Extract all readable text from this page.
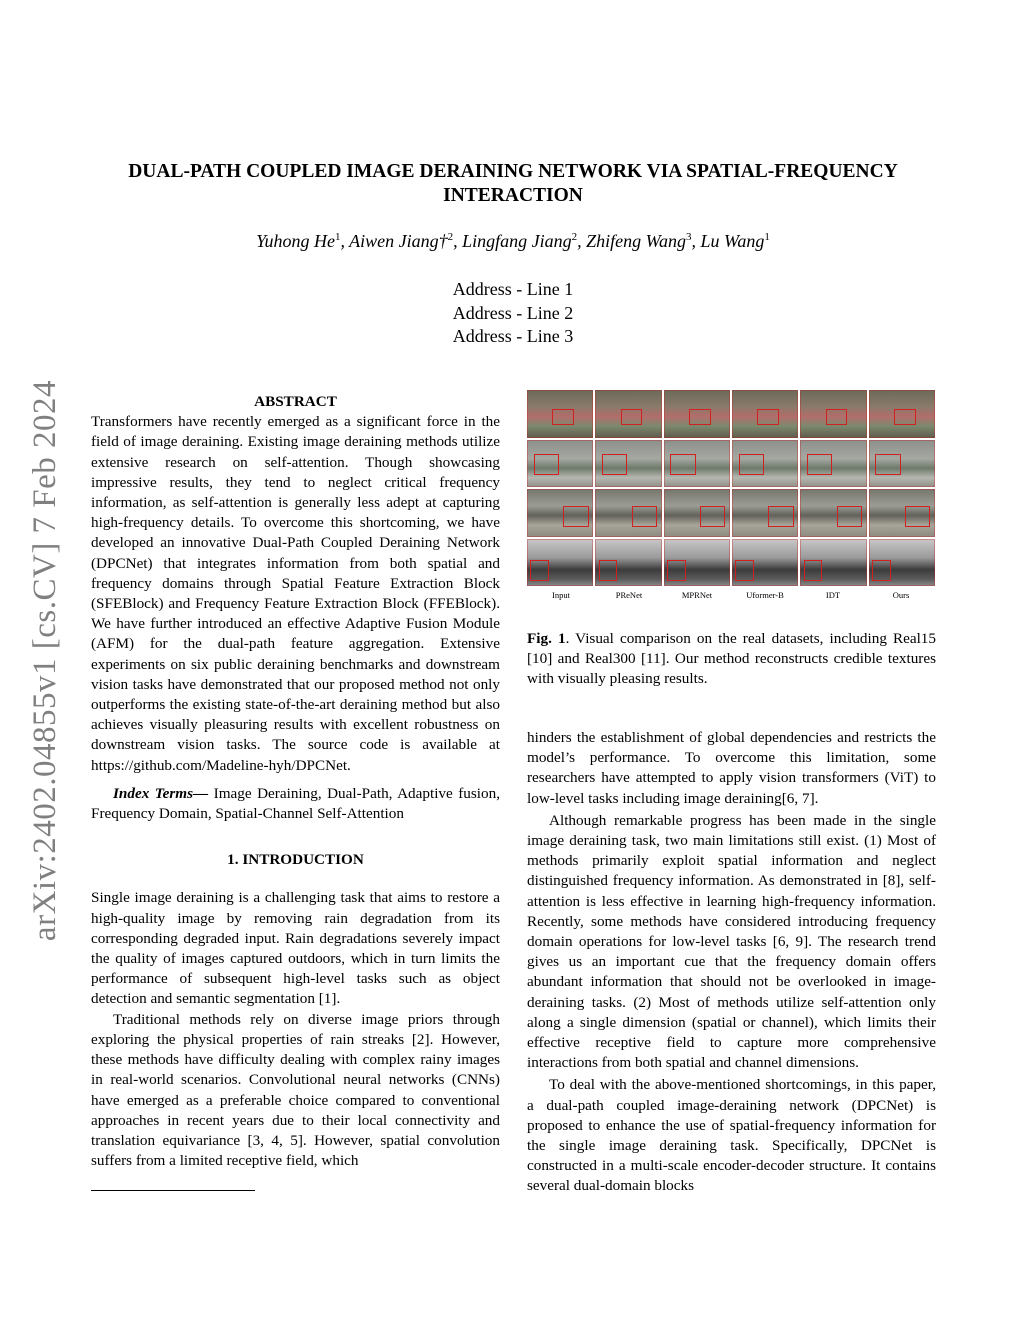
arXiv:2402.04855v1 [cs.CV] 7 Feb 2024
DUAL-PATH COUPLED IMAGE DERAINING NETWORK VIA SPATIAL-FREQUENCY
INTERACTION
Yuhong He$^1$, Aiwen Jiang†$^2$, Lingfang Jiang$^2$, Zhifeng Wang$^3$, Lu Wang$^1$
Address - Line 1
Address - Line 2
Address - Line 3

ABSTRACT

Transformers have recently emerged as a significant force in the field of image deraining. Existing image deraining methods utilize extensive research on self-attention. Though showcasing impressive results, they tend to neglect critical frequency information, as self-attention is generally less adept at capturing high-frequency details. To overcome this shortcoming, we have developed an innovative Dual-Path Coupled Deraining Network (DPCNet) that integrates information from both spatial and frequency domains through Spatial Feature Extraction Block (SFEBlock) and Frequency Feature Extraction Block (FFEBlock). We have further introduced an effective Adaptive Fusion Module (AFM) for the dual-path feature aggregation. Extensive experiments on six public deraining benchmarks and downstream vision tasks have demonstrated that our proposed method not only outperforms the existing state-of-the-art deraining method but also achieves visually pleasuring results with excellent robustness on downstream vision tasks. The source code is available at https://github.com/Madeline-hyh/DPCNet.

Index Terms— Image Deraining, Dual-Path, Adaptive fusion, Frequency Domain, Spatial-Channel Self-Attention

1. INTRODUCTION

Single image deraining is a challenging task that aims to restore a high-quality image by removing rain degradation from its corresponding degraded input. Rain degradations severely impact the quality of images captured outdoors, which in turn limits the performance of subsequent high-level tasks such as object detection and semantic segmentation [1].

Traditional methods rely on diverse image priors through exploring the physical properties of rain streaks [2]. However, these methods have difficulty dealing with complex rainy images in real-world scenarios. Convolutional neural networks (CNNs) have emerged as a preferable choice compared to conventional approaches in recent years due to their local connectivity and translation equivariance [3, 4, 5]. However, spatial convolution suffers from a limited receptive field, which

Input	PReNet	MPRNet	Uformer-B	IDT	Ours
Fig. 1. Visual comparison on the real datasets, including Real15 [10] and Real300 [11]. Our method reconstructs credible textures with visually pleasing results.

hinders the establishment of global dependencies and restricts the model’s performance. To overcome this limitation, some researchers have attempted to apply vision transformers (ViT) to low-level tasks including image deraining[6, 7].

Although remarkable progress has been made in the single image deraining task, two main limitations still exist. (1) Most of methods primarily exploit spatial information and neglect distinguished frequency information. As demonstrated in [8], self-attention is less effective in learning high-frequency information. Recently, some methods have considered introducing frequency domain operations for low-level tasks [6, 9]. The research trend gives us an important cue that the frequency domain offers abundant information that should not be overlooked in image-deraining tasks. (2) Most of methods utilize self-attention only along a single dimension (spatial or channel), which limits their effective receptive field to capture more comprehensive interactions from both spatial and channel dimensions.

To deal with the above-mentioned shortcomings, in this paper, a dual-path coupled image-deraining network (DPCNet) is proposed to enhance the use of spatial-frequency information for the single image deraining task. Specifically, DPCNet is constructed in a multi-scale encoder-decoder structure. It contains several dual-domain blocks
